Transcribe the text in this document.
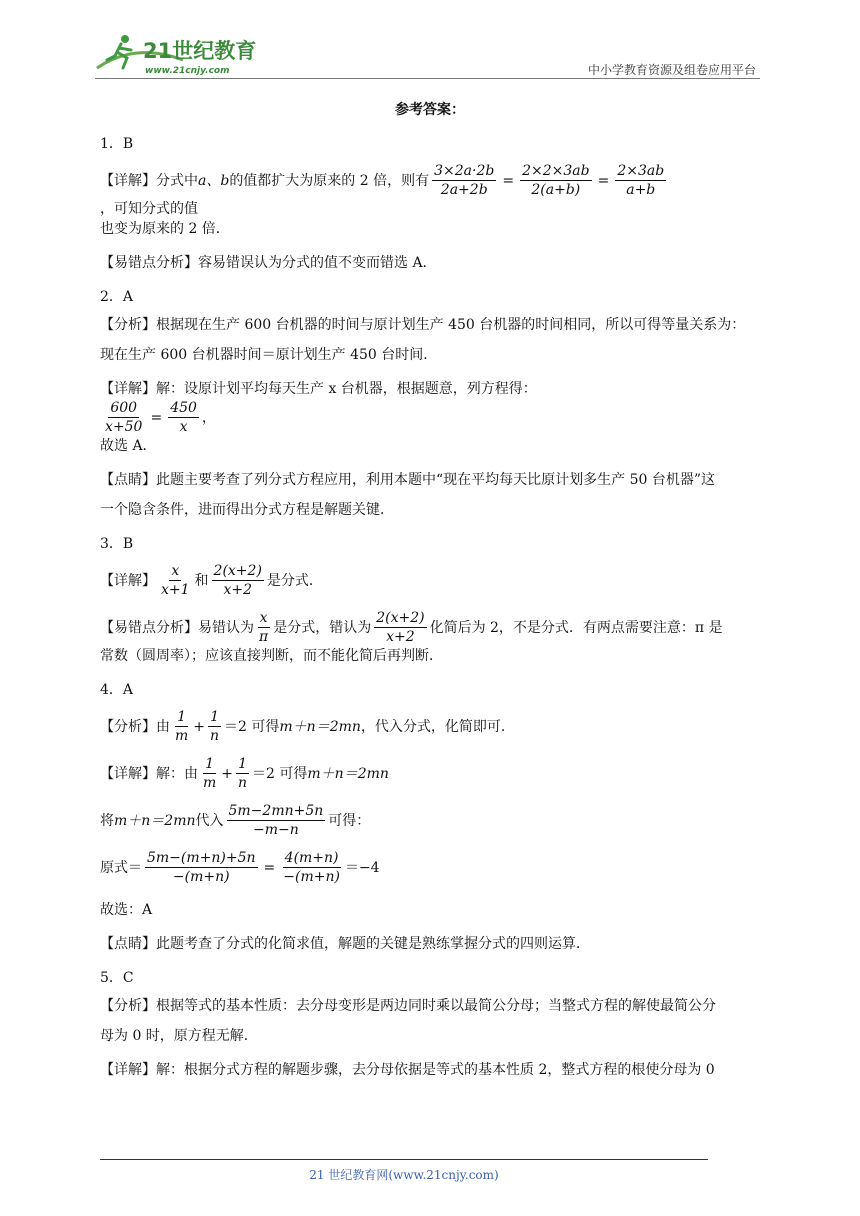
21世纪教育
www.21cnjy.com	中小学教育资源及组卷应用平台
参考答案：
1．B
【详解】分式中 a、b 的值都扩大为原来的 2 倍，则有 $\frac{3\times 2a\cdot 2b}{2a+2b} = \frac{2\times 2\times 3ab}{2(a+b)} = \frac{2\times 3ab}{a+b}$
，可知分式的值
也变为原来的 2 倍．
【易错点分析】容易错误认为分式的值不变而错选 A．
2．A
【分析】根据现在生产 600 台机器的时间与原计划生产 450 台机器的时间相同，所以可得等量关系为：
现在生产 600 台机器时间＝原计划生产 450 台时间．
【详解】解：设原计划平均每天生产 x 台机器，根据题意，列方程得：
$\frac{600}{x+50} = \frac{450}{x}$ ，
故选 A．
【点睛】此题主要考查了列分式方程应用，利用本题中“现在平均每天比原计划多生产 50 台机器”这
一个隐含条件，进而得出分式方程是解题关键．
3．B
【详解】 $\frac{x}{x+1}$ 和 $\frac{2(x+2)}{x+2}$ 是分式．
【易错点分析】易错认为 $\frac{x}{\pi}$ 是分式，错认为 $\frac{2(x+2)}{x+2}$ 化简后为 2，不是分式．有两点需要注意：π 是
常数（圆周率）；应该直接判断，而不能化简后再判断．
4．A
【分析】由 $\frac{1}{m} + \frac{1}{n} =2$ 可得 m＋n＝2mn ，代入分式，化简即可．
【详解】解：由 $\frac{1}{m} + \frac{1}{n} =2$ 可得 m＋n＝2mn
将 m＋n＝2mn 代入 $\frac{5m-2mn+5n}{-m-n}$ 可得：
原式＝ $\frac{5m-(m+n)+5n}{-(m+n)} = \frac{4(m+n)}{-(m+n)} =-4$
故选：A
【点睛】此题考查了分式的化简求值，解题的关键是熟练掌握分式的四则运算．
5．C
【分析】根据等式的基本性质：去分母变形是两边同时乘以最简公分母；当整式方程的解使最简公分
母为 0 时，原方程无解．
【详解】解：根据分式方程的解题步骤，去分母依据是等式的基本性质 2，整式方程的根使分母为 0
21 世纪教育网(www.21cnjy.com)
